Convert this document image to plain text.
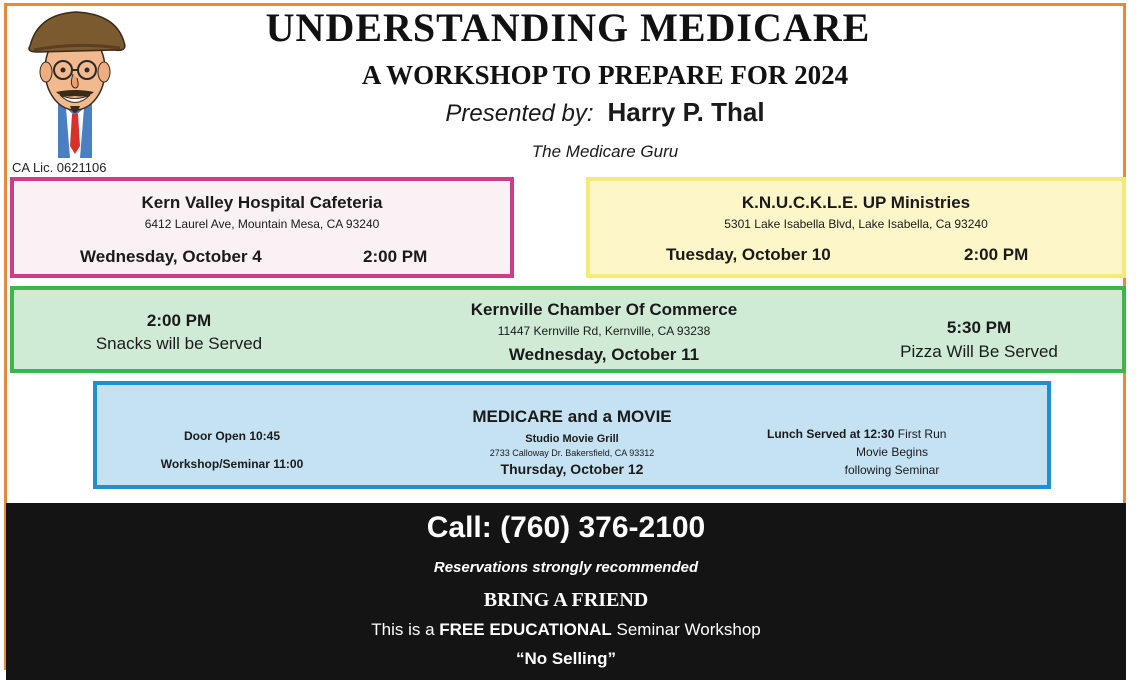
CA Lic. 0621106
UNDERSTANDING MEDICARE
A WORKSHOP TO PREPARE FOR 2024
Presented by: Harry P. Thal
The Medicare Guru
Kern Valley Hospital Cafeteria
6412 Laurel Ave, Mountain Mesa, CA 93240
Wednesday, October 4	2:00 PM
K.N.U.C.K.L.E. UP Ministries
5301 Lake Isabella Blvd, Lake Isabella, Ca 93240
Tuesday, October 10	2:00 PM
2:00 PM
Snacks will be Served
Kernville Chamber Of Commerce
11447 Kernville Rd, Kernville, CA 93238
Wednesday, October 11
5:30 PM
Pizza Will Be Served
Door Open 10:45
Workshop/Seminar 11:00
MEDICARE and a MOVIE
Studio Movie Grill
2733 Calloway Dr. Bakersfield, CA 93312
Thursday, October 12
Lunch Served at 12:30 First Run
Movie Begins
following Seminar
Call: (760) 376-2100
Reservations strongly recommended
BRING A FRIEND
This is a FREE EDUCATIONAL Seminar Workshop
“No Selling”
